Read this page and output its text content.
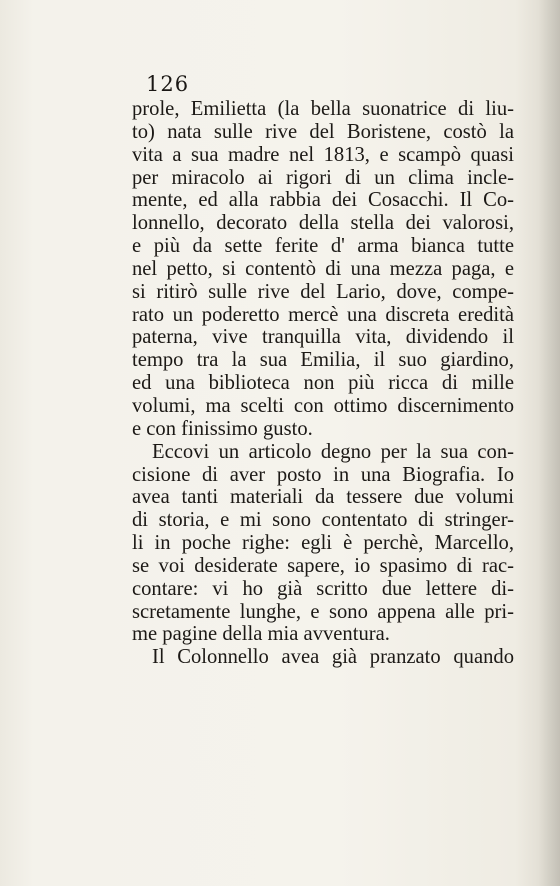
126
prole, Emilietta (la bella suonatrice di liu-
to) nata sulle rive del Boristene, costò la
vita a sua madre nel 1813, e scampò quasi
per miracolo ai rigori di un clima incle-
mente, ed alla rabbia dei Cosacchi. Il Co-
lonnello, decorato della stella dei valorosi,
e più da sette ferite d' arma bianca tutte
nel petto, si contentò di una mezza paga, e
si ritirò sulle rive del Lario, dove, compe-
rato un poderetto mercè una discreta eredità
paterna, vive tranquilla vita, dividendo il
tempo tra la sua Emilia, il suo giardino,
ed una biblioteca non più ricca di mille
volumi, ma scelti con ottimo discernimento
e con finissimo gusto.
Eccovi un articolo degno per la sua con-
cisione di aver posto in una Biografia. Io
avea tanti materiali da tessere due volumi
di storia, e mi sono contentato di stringer-
li in poche righe: egli è perchè, Marcello,
se voi desiderate sapere, io spasimo di rac-
contare: vi ho già scritto due lettere di-
scretamente lunghe, e sono appena alle pri-
me pagine della mia avventura.
Il Colonnello avea già pranzato quando
